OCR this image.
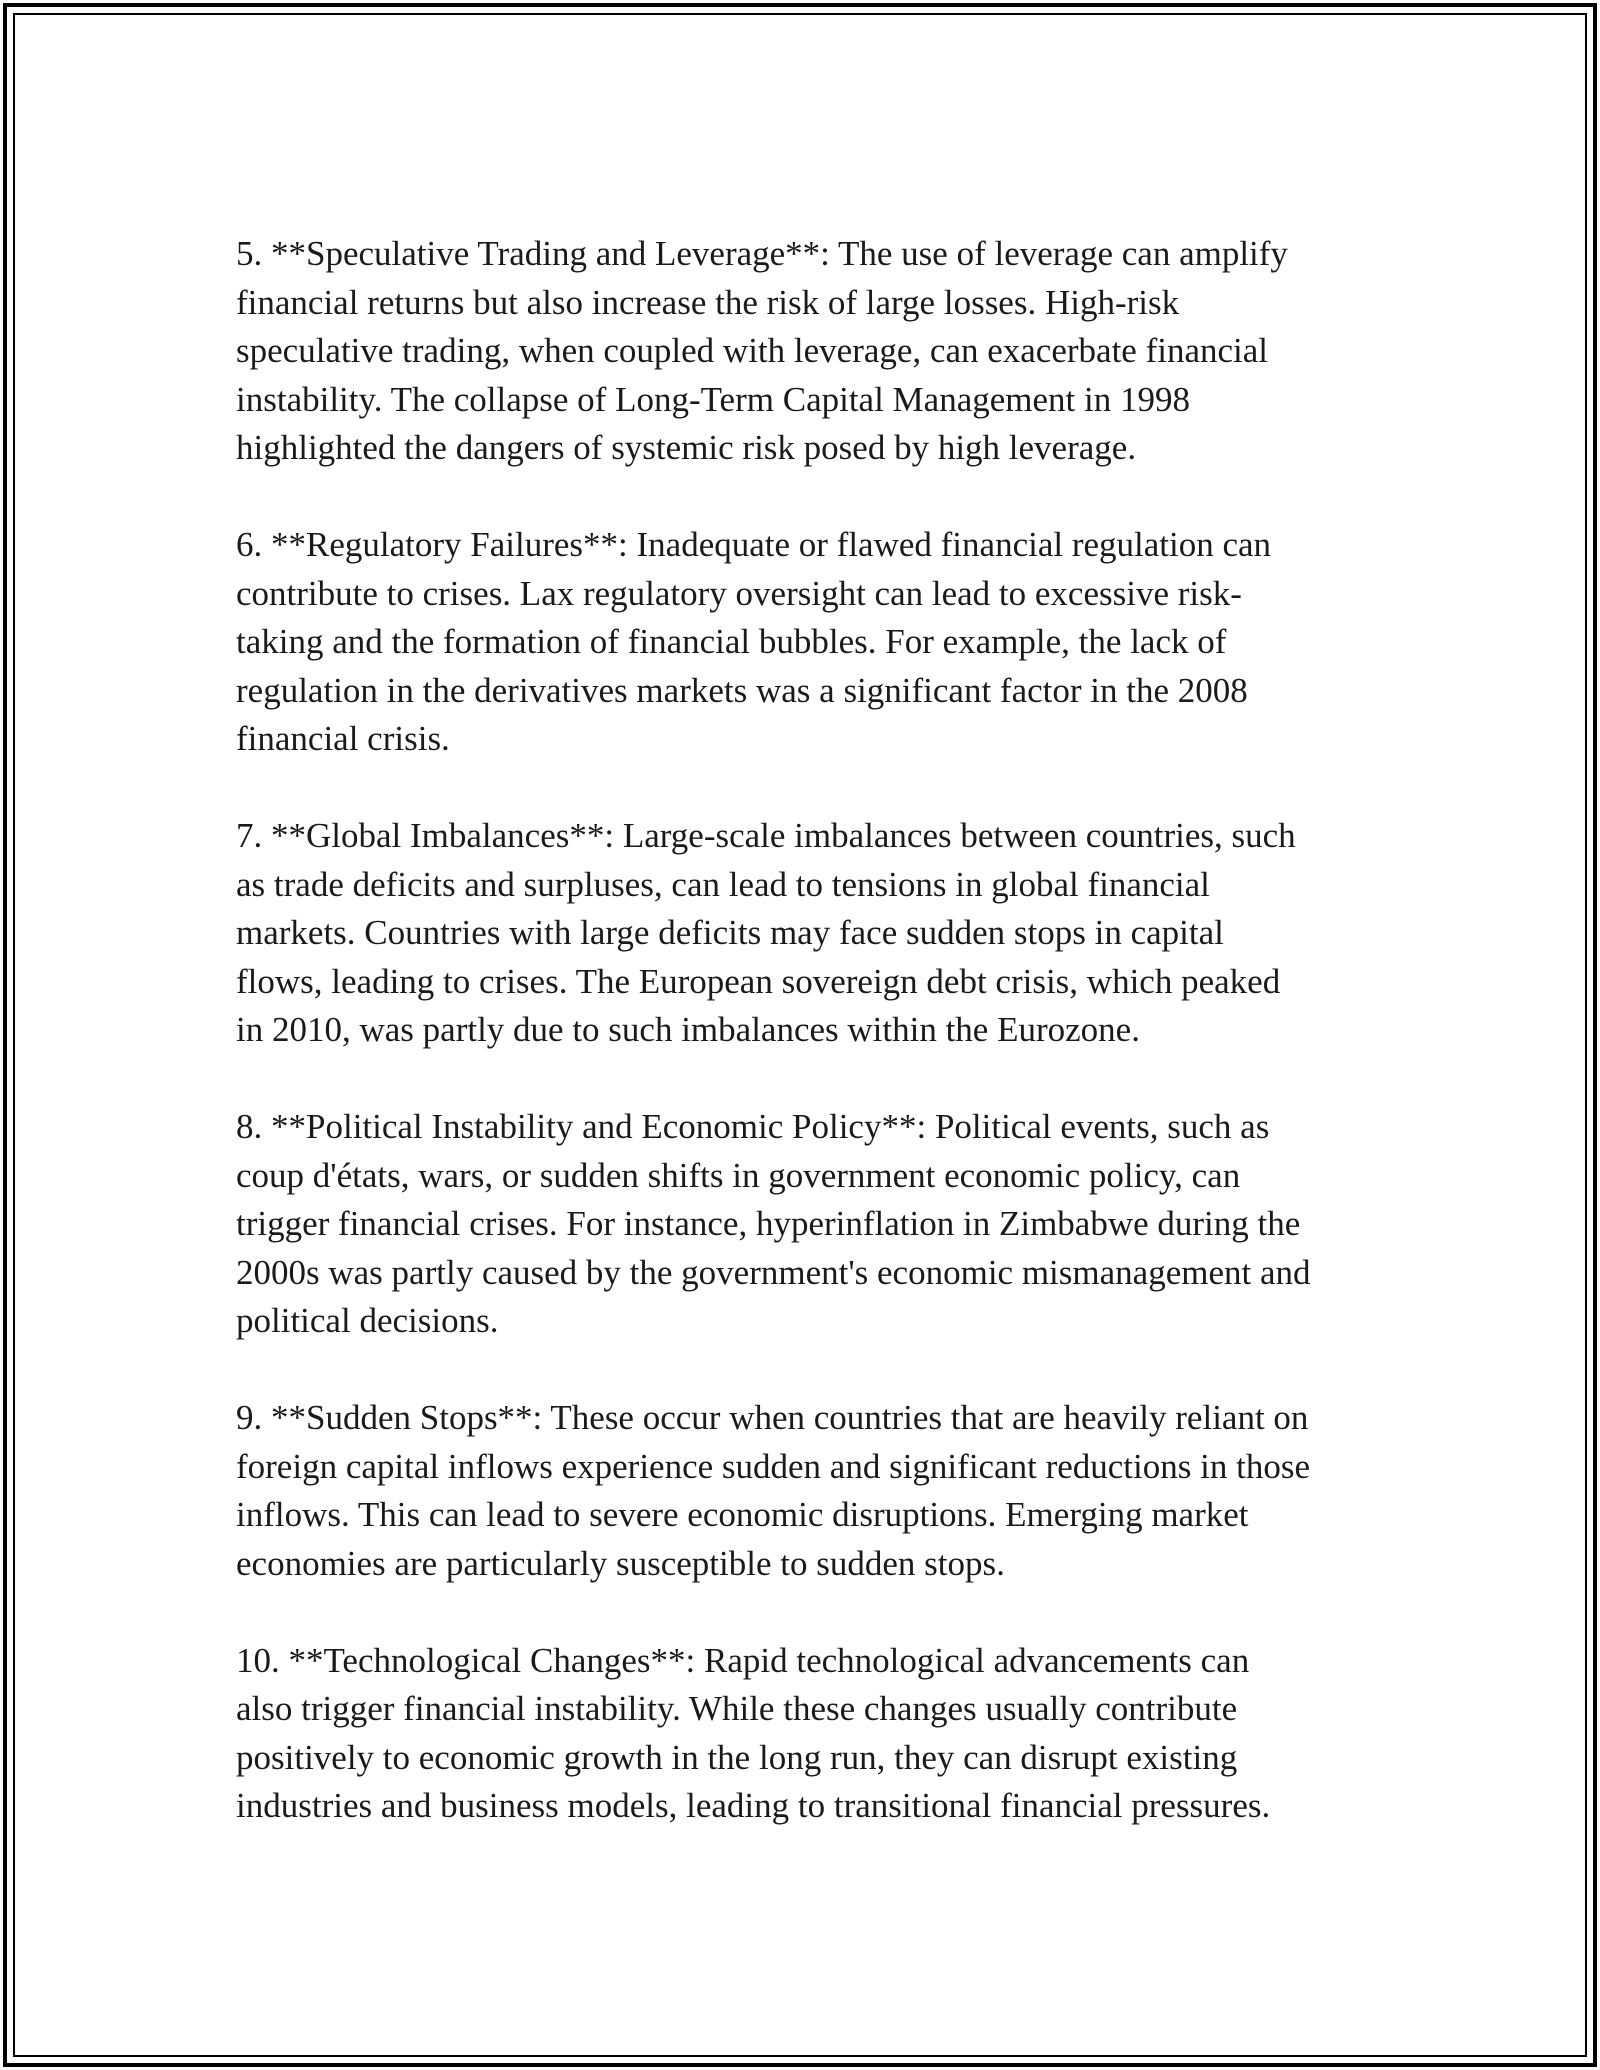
5. **Speculative Trading and Leverage**: The use of leverage can amplify
financial returns but also increase the risk of large losses. High-risk
speculative trading, when coupled with leverage, can exacerbate financial
instability. The collapse of Long-Term Capital Management in 1998
highlighted the dangers of systemic risk posed by high leverage.

6. **Regulatory Failures**: Inadequate or flawed financial regulation can
contribute to crises. Lax regulatory oversight can lead to excessive risk-
taking and the formation of financial bubbles. For example, the lack of
regulation in the derivatives markets was a significant factor in the 2008
financial crisis.

7. **Global Imbalances**: Large-scale imbalances between countries, such
as trade deficits and surpluses, can lead to tensions in global financial
markets. Countries with large deficits may face sudden stops in capital
flows, leading to crises. The European sovereign debt crisis, which peaked
in 2010, was partly due to such imbalances within the Eurozone.

8. **Political Instability and Economic Policy**: Political events, such as
coup d'états, wars, or sudden shifts in government economic policy, can
trigger financial crises. For instance, hyperinflation in Zimbabwe during the
2000s was partly caused by the government's economic mismanagement and
political decisions.

9. **Sudden Stops**: These occur when countries that are heavily reliant on
foreign capital inflows experience sudden and significant reductions in those
inflows. This can lead to severe economic disruptions. Emerging market
economies are particularly susceptible to sudden stops.

10. **Technological Changes**: Rapid technological advancements can
also trigger financial instability. While these changes usually contribute
positively to economic growth in the long run, they can disrupt existing
industries and business models, leading to transitional financial pressures.
